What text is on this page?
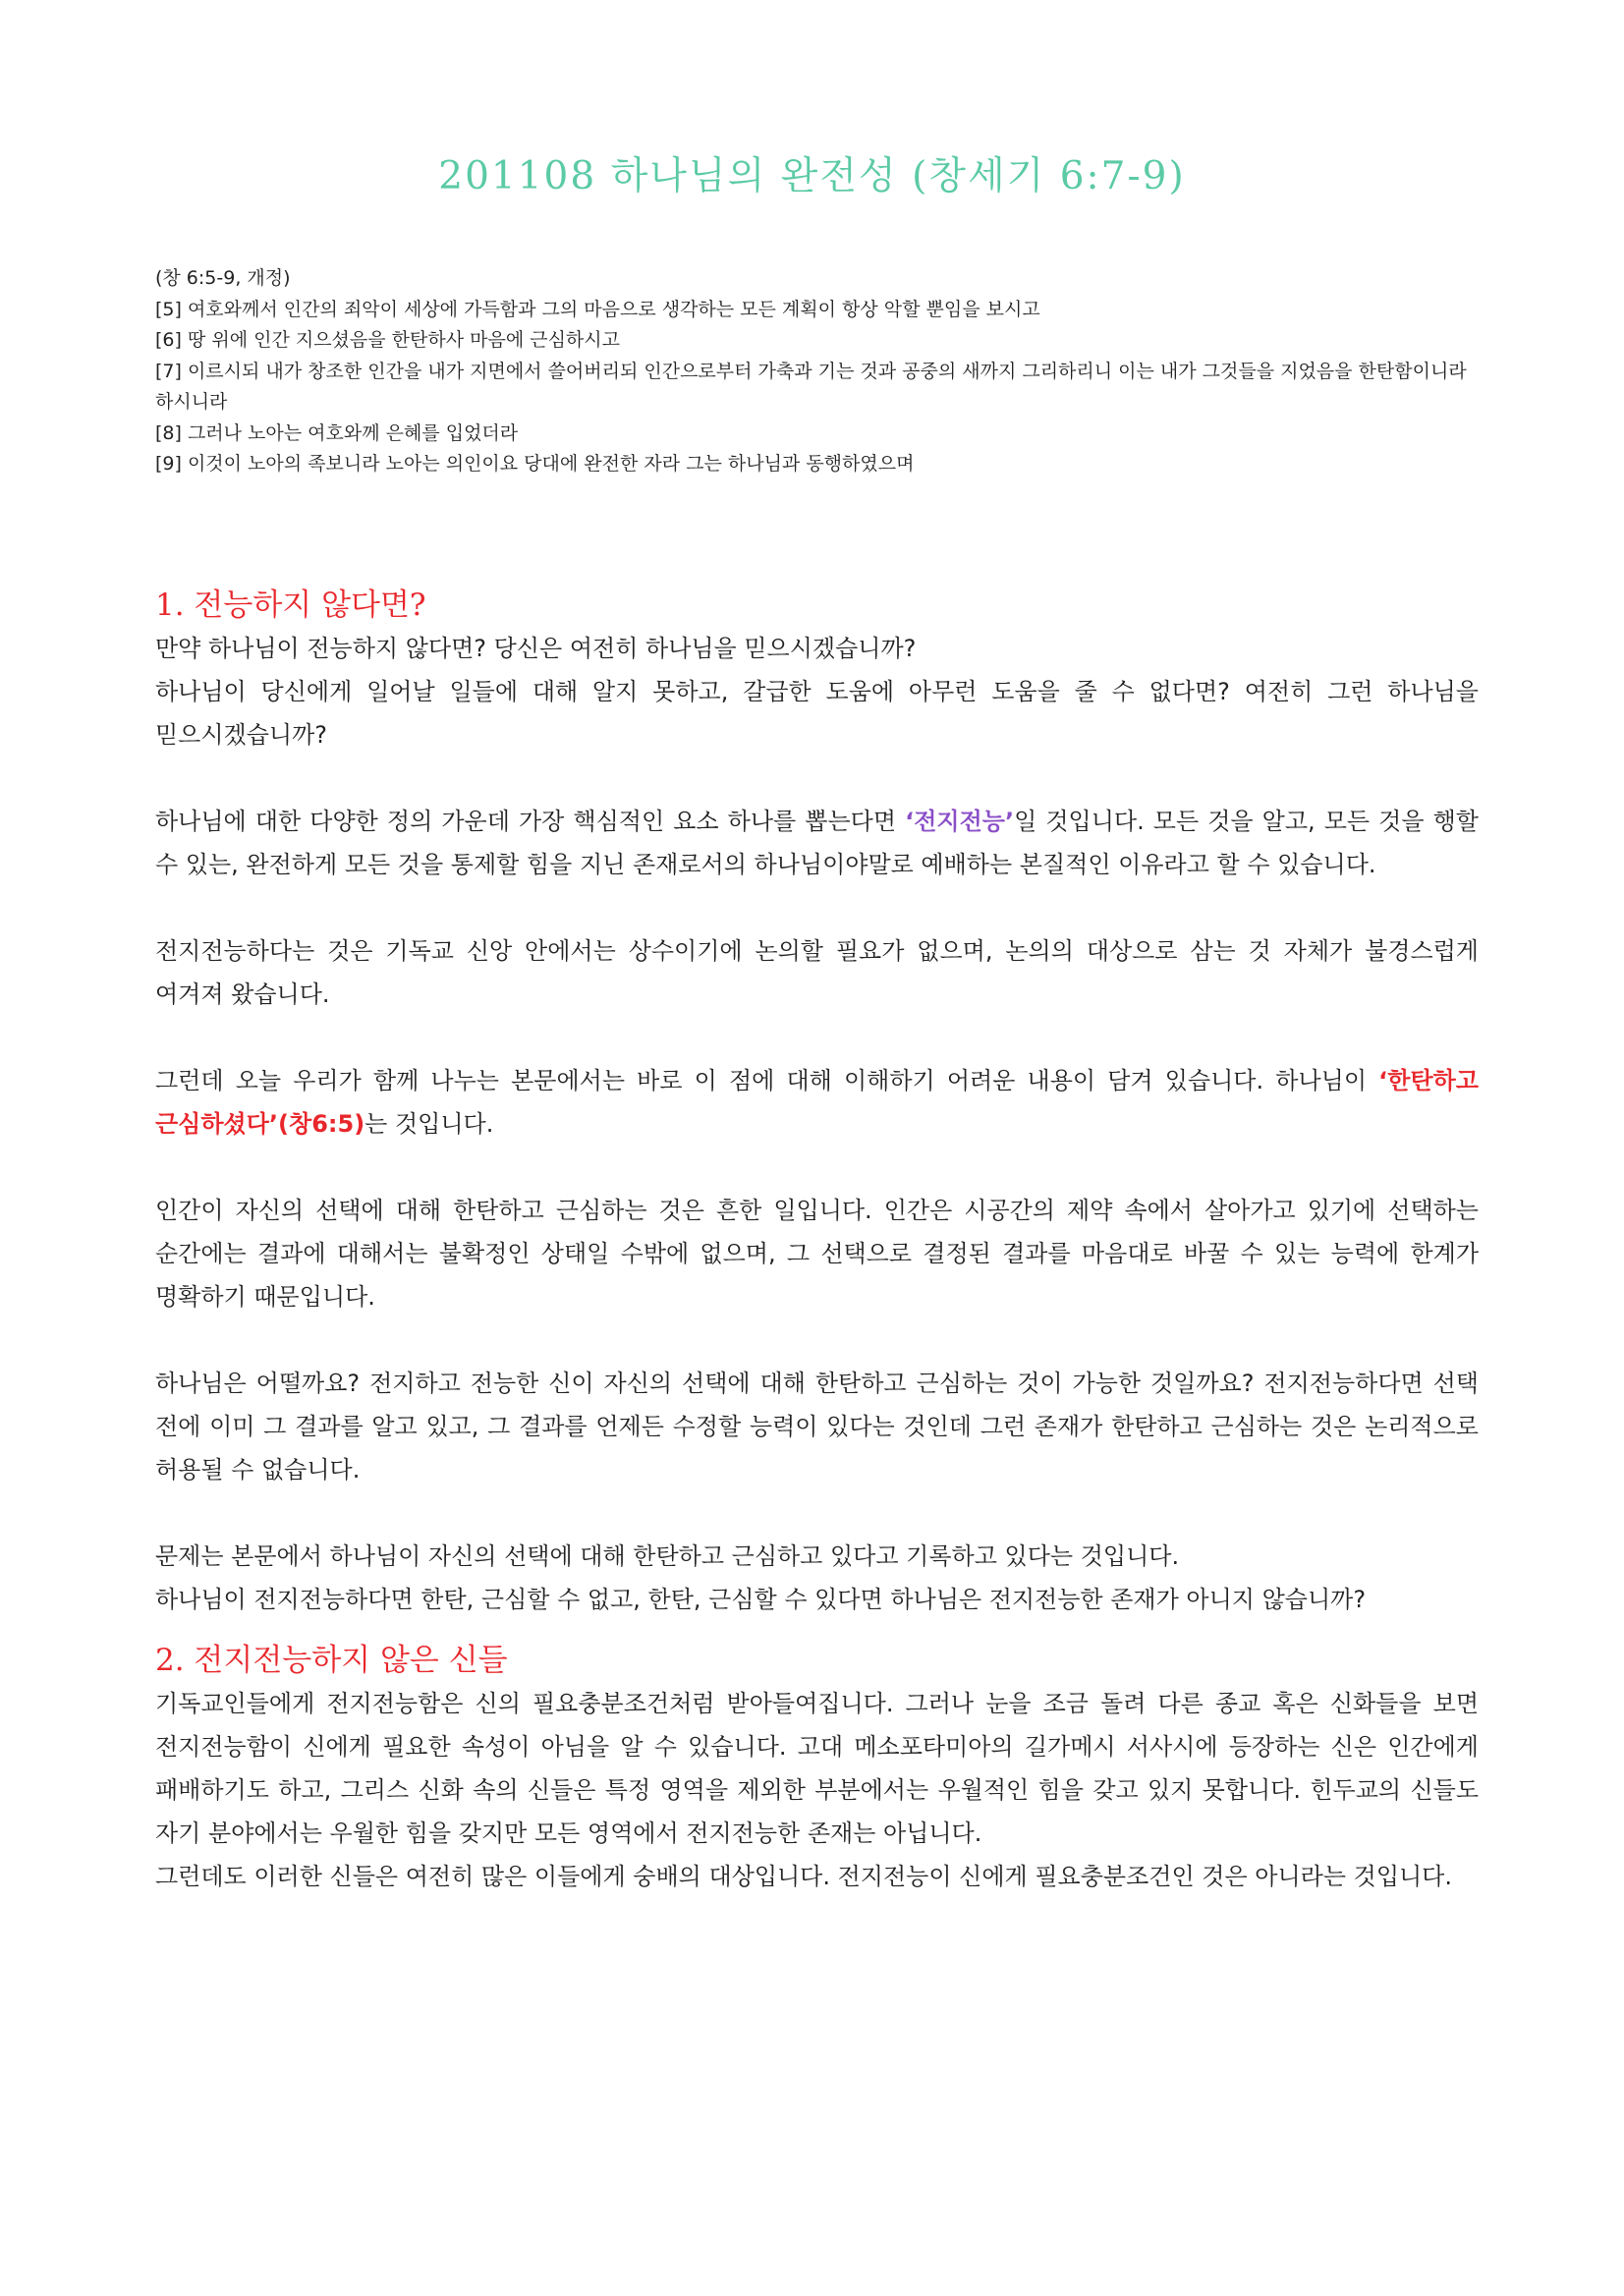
201108 하나님의 완전성 (창세기 6:7-9)

(창 6:5-9, 개정)

[5] 여호와께서 인간의 죄악이 세상에 가득함과 그의 마음으로 생각하는 모든 계획이 항상 악할 뿐임을 보시고

[6] 땅 위에 인간 지으셨음을 한탄하사 마음에 근심하시고

[7] 이르시되 내가 창조한 인간을 내가 지면에서 쓸어버리되 인간으로부터 가축과 기는 것과 공중의 새까지 그리하리니 이는 내가 그것들을 지었음을 한탄함이니라 하시니라

[8] 그러나 노아는 여호와께 은혜를 입었더라

[9] 이것이 노아의 족보니라 노아는 의인이요 당대에 완전한 자라 그는 하나님과 동행하였으며

1. 전능하지 않다면?

만약 하나님이 전능하지 않다면? 당신은 여전히 하나님을 믿으시겠습니까?

하나님이 당신에게 일어날 일들에 대해 알지 못하고, 갈급한 도움에 아무런 도움을 줄 수 없다면? 여전히 그런 하나님을 믿으시겠습니까?

하나님에 대한 다양한 정의 가운데 가장 핵심적인 요소 하나를 뽑는다면 ‘전지전능’일 것입니다. 모든 것을 알고, 모든 것을 행할 수 있는, 완전하게 모든 것을 통제할 힘을 지닌 존재로서의 하나님이야말로 예배하는 본질적인 이유라고 할 수 있습니다.

전지전능하다는 것은 기독교 신앙 안에서는 상수이기에 논의할 필요가 없으며, 논의의 대상으로 삼는 것 자체가 불경스럽게 여겨져 왔습니다.

그런데 오늘 우리가 함께 나누는 본문에서는 바로 이 점에 대해 이해하기 어려운 내용이 담겨 있습니다. 하나님이 ‘한탄하고 근심하셨다’(창6:5)는 것입니다.

인간이 자신의 선택에 대해 한탄하고 근심하는 것은 흔한 일입니다. 인간은 시공간의 제약 속에서 살아가고 있기에 선택하는 순간에는 결과에 대해서는 불확정인 상태일 수밖에 없으며, 그 선택으로 결정된 결과를 마음대로 바꿀 수 있는 능력에 한계가 명확하기 때문입니다.

하나님은 어떨까요? 전지하고 전능한 신이 자신의 선택에 대해 한탄하고 근심하는 것이 가능한 것일까요? 전지전능하다면 선택 전에 이미 그 결과를 알고 있고, 그 결과를 언제든 수정할 능력이 있다는 것인데 그런 존재가 한탄하고 근심하는 것은 논리적으로 허용될 수 없습니다.

문제는 본문에서 하나님이 자신의 선택에 대해 한탄하고 근심하고 있다고 기록하고 있다는 것입니다.

하나님이 전지전능하다면 한탄, 근심할 수 없고, 한탄, 근심할 수 있다면 하나님은 전지전능한 존재가 아니지 않습니까?

2. 전지전능하지 않은 신들

기독교인들에게 전지전능함은 신의 필요충분조건처럼 받아들여집니다. 그러나 눈을 조금 돌려 다른 종교 혹은 신화들을 보면 전지전능함이 신에게 필요한 속성이 아님을 알 수 있습니다. 고대 메소포타미아의 길가메시 서사시에 등장하는 신은 인간에게 패배하기도 하고, 그리스 신화 속의 신들은 특정 영역을 제외한 부분에서는 우월적인 힘을 갖고 있지 못합니다. 힌두교의 신들도 자기 분야에서는 우월한 힘을 갖지만 모든 영역에서 전지전능한 존재는 아닙니다.

그런데도 이러한 신들은 여전히 많은 이들에게 숭배의 대상입니다. 전지전능이 신에게 필요충분조건인 것은 아니라는 것입니다.
